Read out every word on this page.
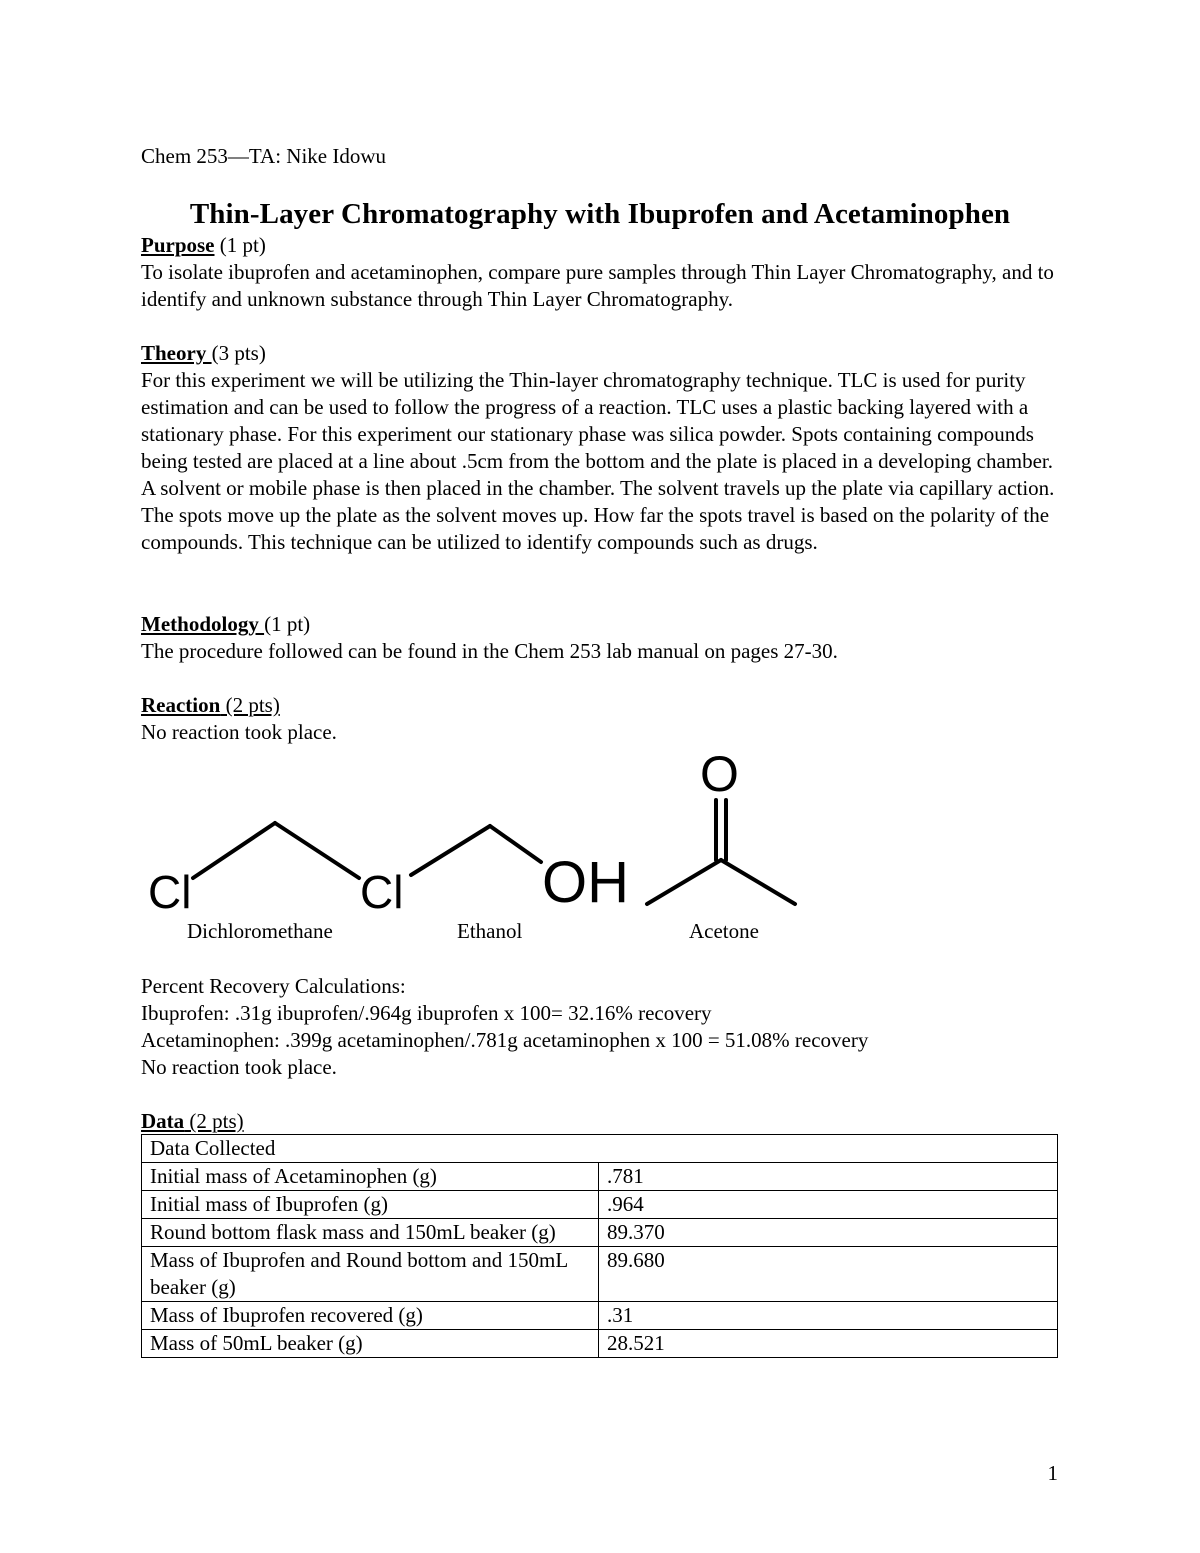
Chem 253—TA: Nike Idowu
Thin-Layer Chromatography with Ibuprofen and Acetaminophen

Purpose (1 pt)

To isolate ibuprofen and acetaminophen, compare pure samples through Thin Layer Chromatography, and to identify and unknown substance through Thin Layer Chromatography.

Theory (3 pts)

For this experiment we will be utilizing the Thin-layer chromatography technique. TLC is used for purity estimation and can be used to follow the progress of a reaction. TLC uses a plastic backing layered with a stationary phase. For this experiment our stationary phase was silica powder. Spots containing compounds being tested are placed at a line about .5cm from the bottom and the plate is placed in a developing chamber. A solvent or mobile phase is then placed in the chamber. The solvent travels up the plate via capillary action. The spots move up the plate as the solvent moves up. How far the spots travel is based on the polarity of the compounds. This technique can be utilized to identify compounds such as drugs.

Methodology (1 pt)

The procedure followed can be found in the Chem 253 lab manual on pages 27-30.

Reaction (2 pts)

No reaction took place.

Cl	Cl OH
O
Dichloromethane	Ethanol	Acetone

Percent Recovery Calculations:

Ibuprofen: .31g ibuprofen/.964g ibuprofen x 100= 32.16% recovery

Acetaminophen: .399g acetaminophen/.781g acetaminophen x 100 = 51.08% recovery

No reaction took place.

Data (2 pts)

Data Collected	
Initial mass of Acetaminophen (g)	.781
Initial mass of Ibuprofen (g)	.964
Round bottom flask mass and 150mL beaker (g)	89.370
Mass of Ibuprofen and Round bottom and 150mL beaker (g)	89.680
Mass of Ibuprofen recovered (g)	.31
Mass of 50mL beaker (g)	28.521
1
